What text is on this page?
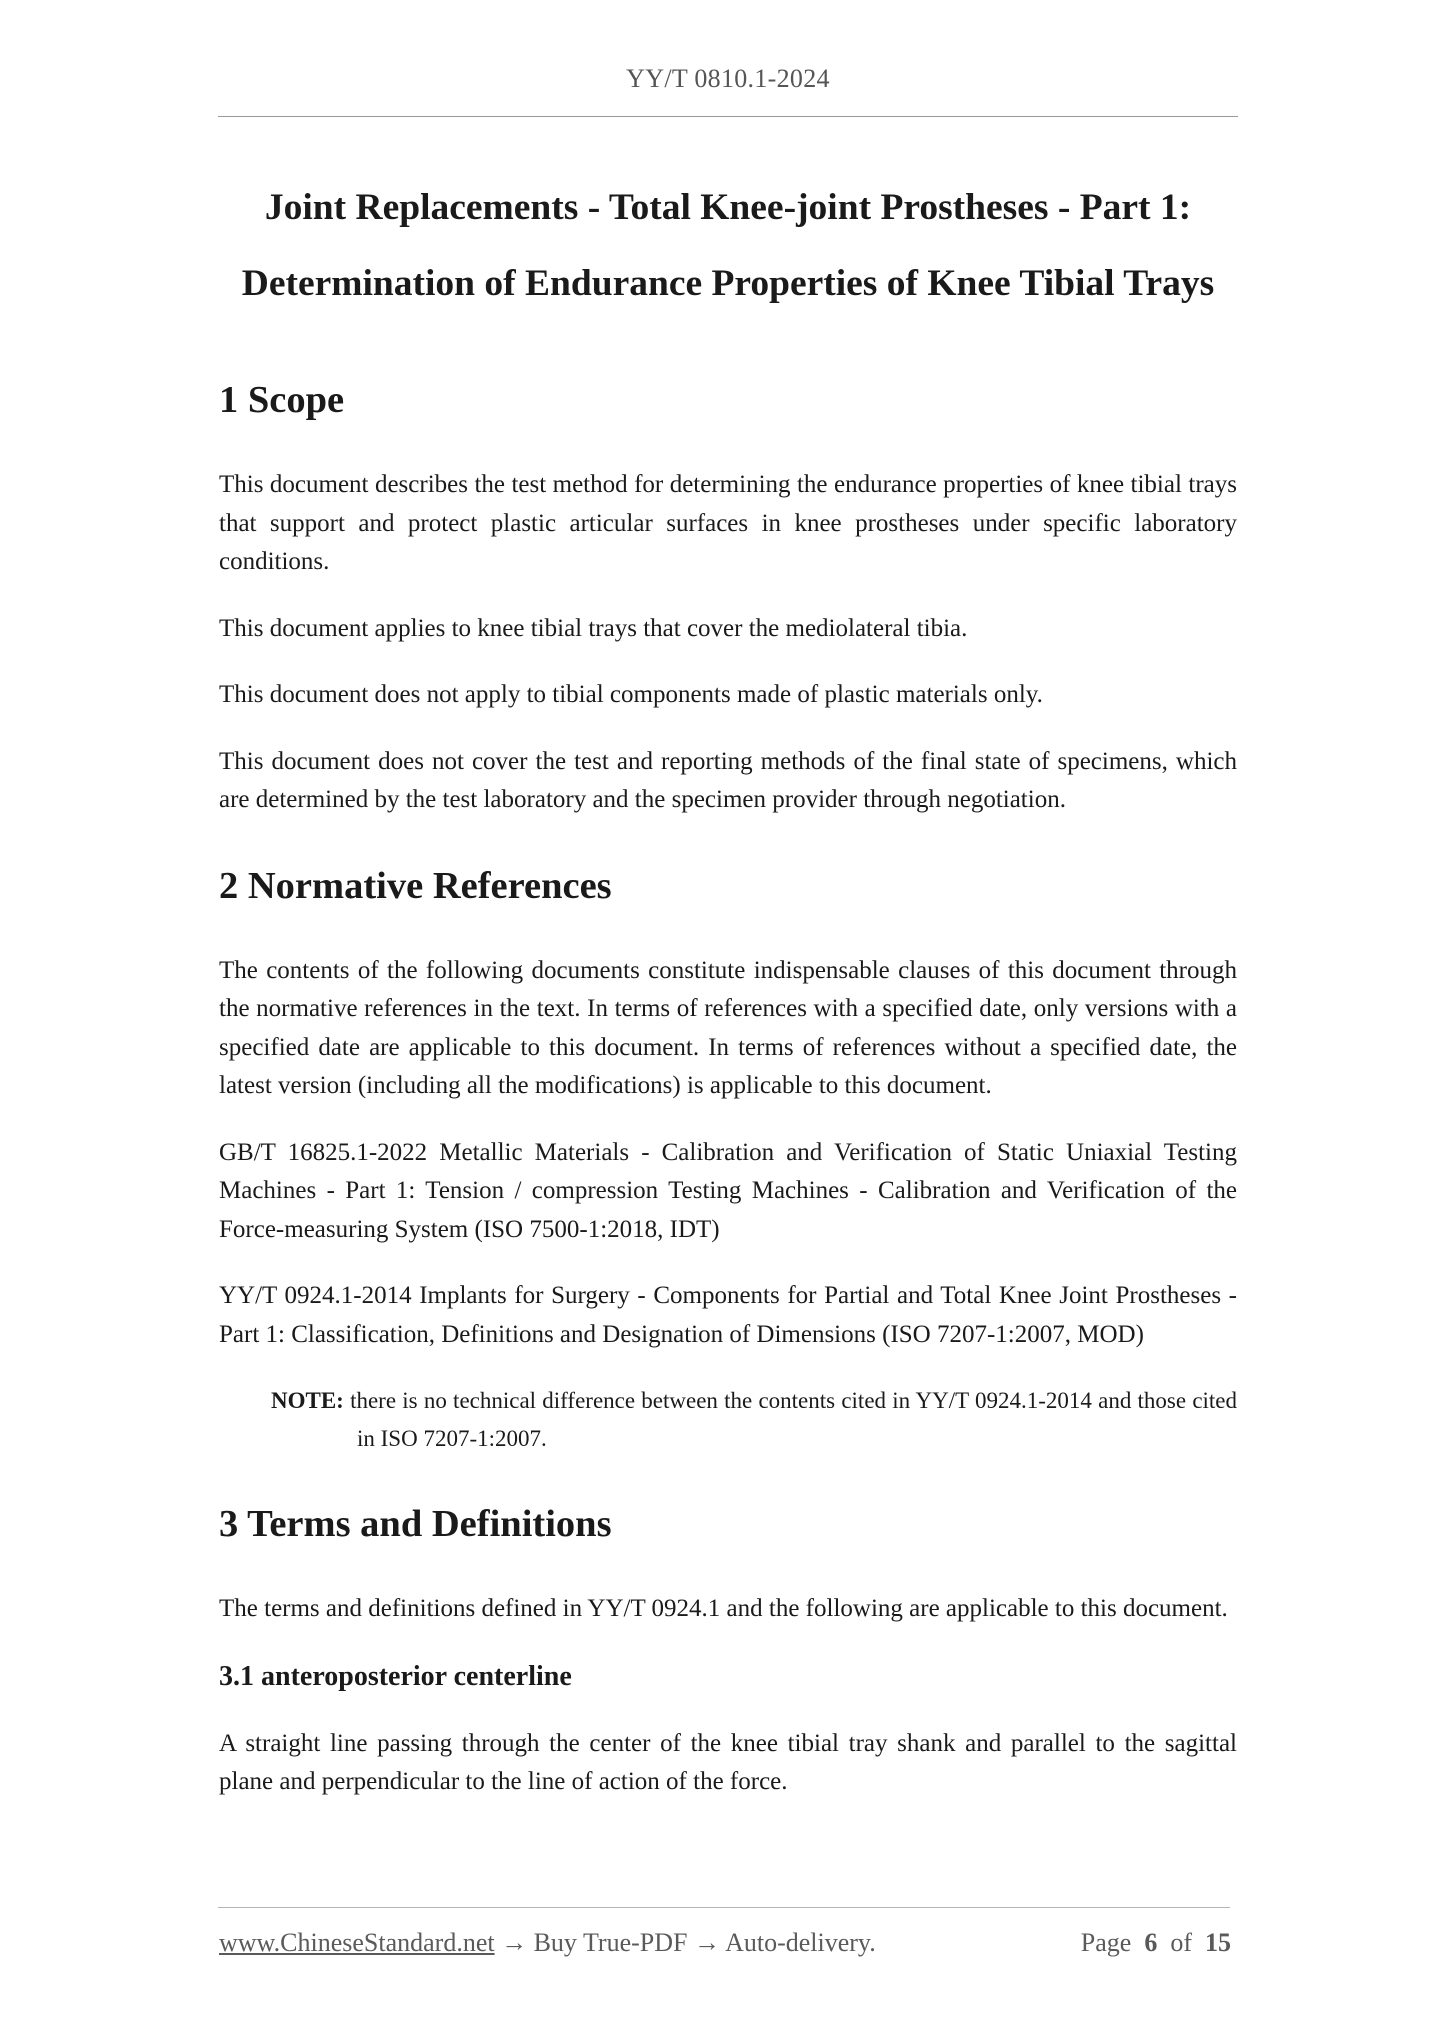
YY/T 0810.1-2024
Joint Replacements - Total Knee-joint Prostheses - Part 1:
Determination of Endurance Properties of Knee Tibial Trays
1 Scope

This document describes the test method for determining the endurance properties of knee tibial trays that support and protect plastic articular surfaces in knee prostheses under specific laboratory conditions.

This document applies to knee tibial trays that cover the mediolateral tibia.

This document does not apply to tibial components made of plastic materials only.

This document does not cover the test and reporting methods of the final state of specimens, which are determined by the test laboratory and the specimen provider through negotiation.

2 Normative References

The contents of the following documents constitute indispensable clauses of this document through the normative references in the text. In terms of references with a specified date, only versions with a specified date are applicable to this document. In terms of references without a specified date, the latest version (including all the modifications) is applicable to this document.

GB/T 16825.1-2022 Metallic Materials - Calibration and Verification of Static Uniaxial Testing Machines - Part 1: Tension / compression Testing Machines - Calibration and Verification of the Force-measuring System (ISO 7500-1:2018, IDT)

YY/T 0924.1-2014 Implants for Surgery - Components for Partial and Total Knee Joint Prostheses - Part 1: Classification, Definitions and Designation of Dimensions (ISO 7207-1:2007, MOD)

NOTE: there is no technical difference between the contents cited in YY/T 0924.1-2014 and those cited in ISO 7207-1:2007.
3 Terms and Definitions

The terms and definitions defined in YY/T 0924.1 and the following are applicable to this document.

3.1 anteroposterior centerline

A straight line passing through the center of the knee tibial tray shank and parallel to the sagittal plane and perpendicular to the line of action of the force.

www.ChineseStandard.net → Buy True-PDF → Auto-delivery.	Page 6 of 15
